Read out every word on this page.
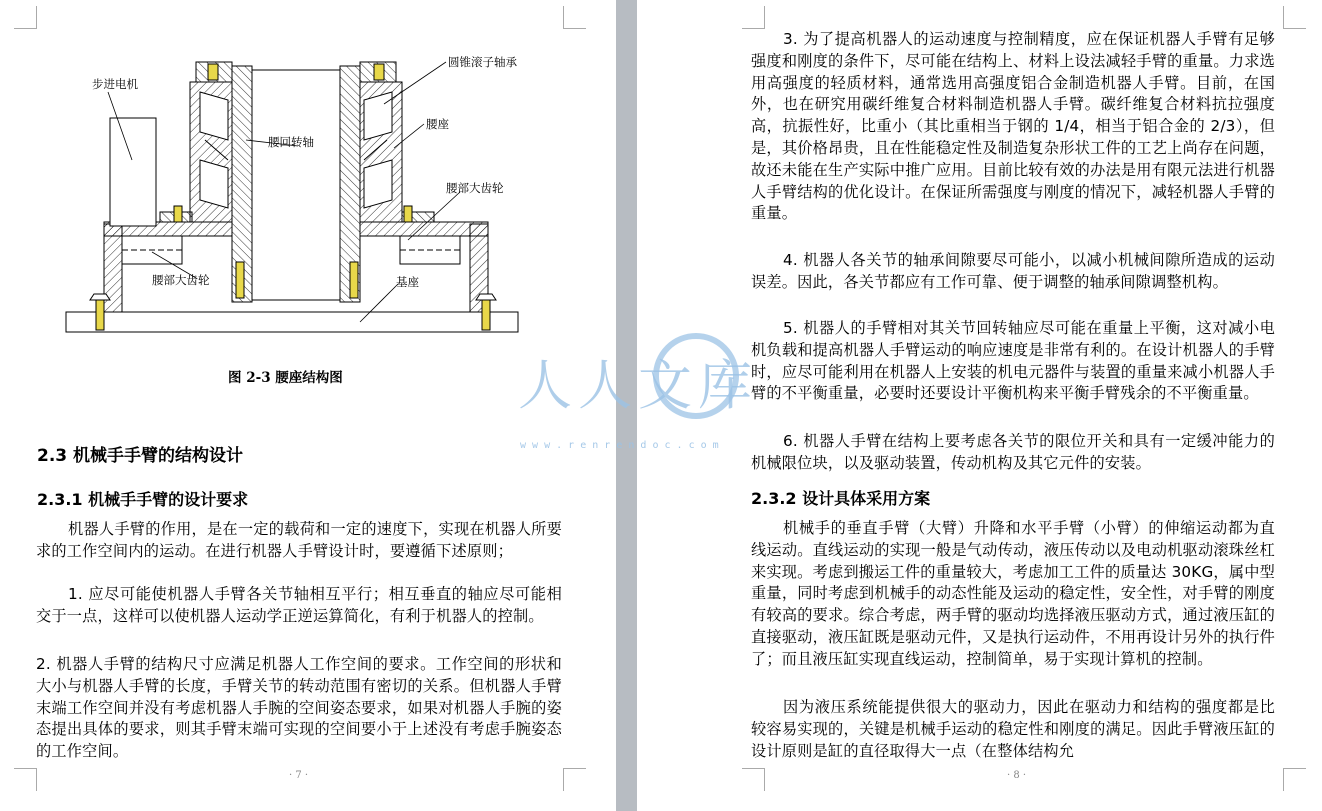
步进电机
圆锥滚子轴承
腰回转轴
腰座
腰部大齿轮
腰部大齿轮	基座
图 2-3 腰座结构图
2.3 机械手手臂的结构设计
2.3.1 机械手手臂的设计要求
机器人手臂的作用，是在一定的载荷和一定的速度下，实现在机器人所要求的工作空间内的运动。在进行机器人手臂设计时，要遵循下述原则；
1. 应尽可能使机器人手臂各关节轴相互平行；相互垂直的轴应尽可能相交于一点，这样可以使机器人运动学正逆运算简化，有利于机器人的控制。
2. 机器人手臂的结构尺寸应满足机器人工作空间的要求。工作空间的形状和大小与机器人手臂的长度，手臂关节的转动范围有密切的关系。但机器人手臂末端工作空间并没有考虑机器人手腕的空间姿态要求，如果对机器人手腕的姿态提出具体的要求，则其手臂末端可实现的空间要小于上述没有考虑手腕姿态的工作空间。
· 7 ·
3. 为了提高机器人的运动速度与控制精度，应在保证机器人手臂有足够强度和刚度的条件下，尽可能在结构上、材料上设法减轻手臂的重量。力求选用高强度的轻质材料，通常选用高强度铝合金制造机器人手臂。目前，在国外，也在研究用碳纤维复合材料制造机器人手臂。碳纤维复合材料抗拉强度高，抗振性好，比重小（其比重相当于钢的 1/4，相当于铝合金的 2/3），但是，其价格昂贵，且在性能稳定性及制造复杂形状工件的工艺上尚存在问题，故还未能在生产实际中推广应用。目前比较有效的办法是用有限元法进行机器人手臂结构的优化设计。在保证所需强度与刚度的情况下，减轻机器人手臂的重量。
4. 机器人各关节的轴承间隙要尽可能小，以减小机械间隙所造成的运动误差。因此，各关节都应有工作可靠、便于调整的轴承间隙调整机构。
5. 机器人的手臂相对其关节回转轴应尽可能在重量上平衡，这对减小电机负载和提高机器人手臂运动的响应速度是非常有利的。在设计机器人的手臂时，应尽可能利用在机器人上安装的机电元器件与装置的重量来减小机器人手臂的不平衡重量，必要时还要设计平衡机构来平衡手臂残余的不平衡重量。
6. 机器人手臂在结构上要考虑各关节的限位开关和具有一定缓冲能力的机械限位块，以及驱动装置，传动机构及其它元件的安装。
2.3.2 设计具体采用方案
机械手的垂直手臂（大臂）升降和水平手臂（小臂）的伸缩运动都为直线运动。直线运动的实现一般是气动传动，液压传动以及电动机驱动滚珠丝杠来实现。考虑到搬运工件的重量较大，考虑加工工件的质量达 30KG，属中型重量，同时考虑到机械手的动态性能及运动的稳定性，安全性，对手臂的刚度有较高的要求。综合考虑，两手臂的驱动均选择液压驱动方式，通过液压缸的直接驱动，液压缸既是驱动元件，又是执行运动件，不用再设计另外的执行件了；而且液压缸实现直线运动，控制简单，易于实现计算机的控制。
因为液压系统能提供很大的驱动力，因此在驱动力和结构的强度都是比较容易实现的，关键是机械手运动的稳定性和刚度的满足。因此手臂液压缸的设计原则是缸的直径取得大一点（在整体结构允
· 8 ·
人人文库
w w w . r e n r e n d o c . c o m
